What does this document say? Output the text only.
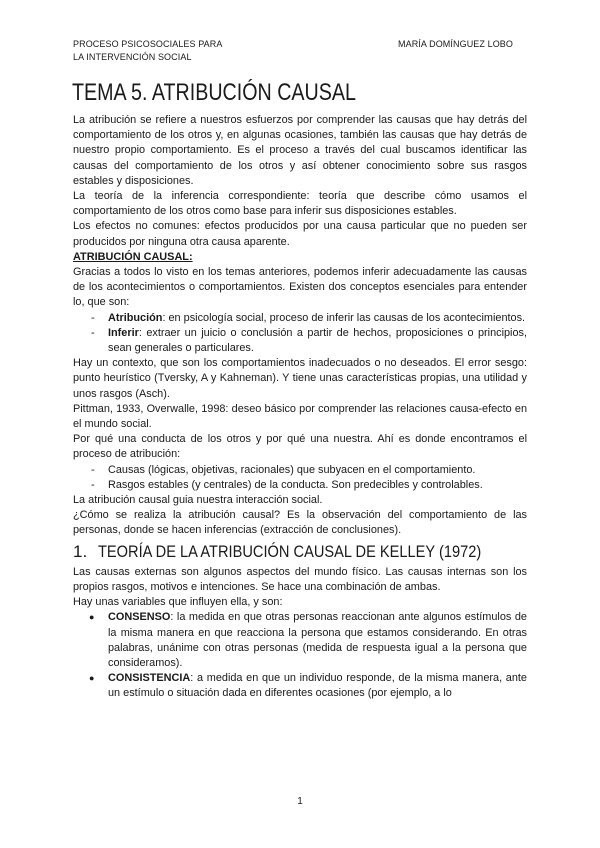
PROCESO PSICOSOCIALES PARA
LA INTERVENCIÓN SOCIAL
MARÍA DOMÍNGUEZ LOBO
TEMA 5. ATRIBUCIÓN CAUSAL

La atribución se refiere a nuestros esfuerzos por comprender las causas que hay detrás del comportamiento de los otros y, en algunas ocasiones, también las causas que hay detrás de nuestro propio comportamiento. Es el proceso a través del cual buscamos identificar las causas del comportamiento de los otros y así obtener conocimiento sobre sus rasgos estables y disposiciones.

La teoría de la inferencia correspondiente: teoría que describe cómo usamos el comportamiento de los otros como base para inferir sus disposiciones estables.

Los efectos no comunes: efectos producidos por una causa particular que no pueden ser producidos por ninguna otra causa aparente.

ATRIBUCIÓN CAUSAL:

Gracias a todos lo visto en los temas anteriores, podemos inferir adecuadamente las causas de los acontecimientos o comportamientos. Existen dos conceptos esenciales para entender lo, que son:

- Atribución: en psicología social, proceso de inferir las causas de los acontecimientos.
- Inferir: extraer un juicio o conclusión a partir de hechos, proposiciones o principios, sean generales o particulares.

Hay un contexto, que son los comportamientos inadecuados o no deseados. El error sesgo: punto heurístico (Tversky, A y Kahneman). Y tiene unas características propias, una utilidad y unos rasgos (Asch).

Pittman, 1933, Overwalle, 1998: deseo básico por comprender las relaciones causa-efecto en el mundo social.

Por qué una conducta de los otros y por qué una nuestra. Ahí es donde encontramos el proceso de atribución:

- Causas (lógicas, objetivas, racionales) que subyacen en el comportamiento.
- Rasgos estables (y centrales) de la conducta. Son predecibles y controlables.

La atribución causal guia nuestra interacción social.

¿Cómo se realiza la atribución causal? Es la observación del comportamiento de las personas, donde se hacen inferencias (extracción de conclusiones).

1. TEORÍA DE LA ATRIBUCIÓN CAUSAL DE KELLEY (1972)

Las causas externas son algunos aspectos del mundo físico. Las causas internas son los propios rasgos, motivos e intenciones. Se hace una combinación de ambas.

Hay unas variables que influyen ella, y son:

● CONSENSO: la medida en que otras personas reaccionan ante algunos estímulos de la misma manera en que reacciona la persona que estamos considerando. En otras palabras, unánime con otras personas (medida de respuesta igual a la persona que consideramos).
● CONSISTENCIA: a medida en que un individuo responde, de la misma manera, ante un estímulo o situación dada en diferentes ocasiones (por ejemplo, a lo
1
